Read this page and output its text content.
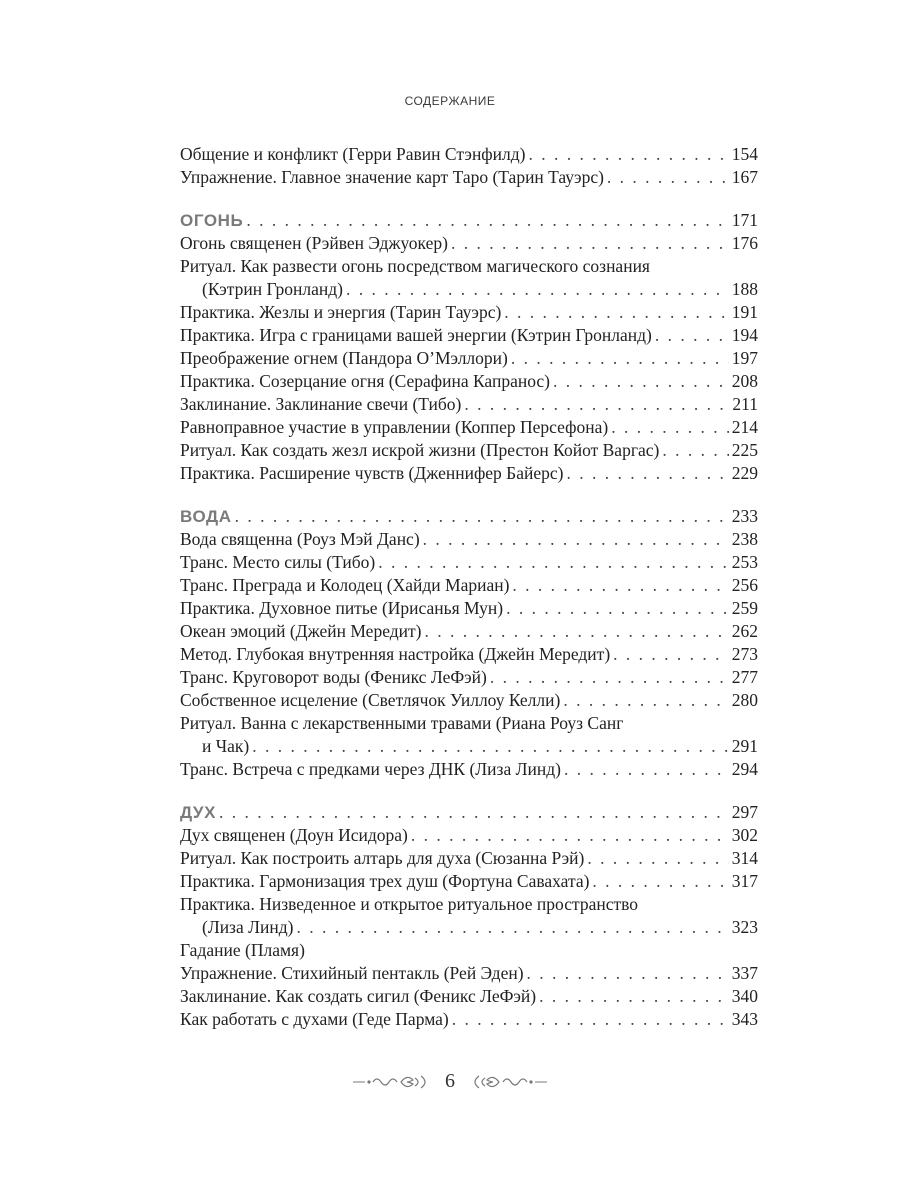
СОДЕРЖАНИЕ
Общение и конфликт (Герри Равин Стэнфилд) . . .	154
Упражнение. Главное значение карт Таро (Тарин Тауэрс) . . .	167
ОГОНЬ . . .	171
Огонь священен (Рэйвен Эджуокер) . . .	176
Ритуал. Как развести огонь посредством магического сознания
(Кэтрин Гронланд) . . .	188
Практика. Жезлы и энергия (Тарин Тауэрс) . . .	191
Практика. Игра с границами вашей энергии (Кэтрин Гронланд) . . .	194
Преображение огнем (Пандора О’Мэллори) . . .	197
Практика. Созерцание огня (Серафина Капранос) . . .	208
Заклинание. Заклинание свечи (Тибо) . . .	211
Равноправное участие в управлении (Коппер Персефона) . . .	214
Ритуал. Как создать жезл искрой жизни (Престон Койот Варгас) . . .	225
Практика. Расширение чувств (Дженнифер Байерс) . . .	229
ВОДА . . .	233
Вода священна (Роуз Мэй Данс) . . .	238
Транс. Место силы (Тибо) . . .	253
Транс. Преграда и Колодец (Хайди Мариан) . . .	256
Практика. Духовное питье (Ирисанья Мун) . . .	259
Океан эмоций (Джейн Мередит) . . .	262
Метод. Глубокая внутренняя настройка (Джейн Мередит) . . .	273
Транс. Круговорот воды (Феникс ЛеФэй) . . .	277
Собственное исцеление (Светлячок Уиллоу Келли) . . .	280
Ритуал. Ванна с лекарственными травами (Риана Роуз Санг
и Чак) . . .	291
Транс. Встреча с предками через ДНК (Лиза Линд) . . .	294
ДУХ . . .	297
Дух священен (Доун Исидора) . . .	302
Ритуал. Как построить алтарь для духа (Сюзанна Рэй) . . .	314
Практика. Гармонизация трех душ (Фортуна Савахата) . . .	317
Практика. Низведенное и открытое ритуальное пространство
(Лиза Линд) . . .	323
Гадание (Пламя)
Упражнение. Стихийный пентакль (Рей Эден) . . .	337
Заклинание. Как создать сигил (Феникс ЛеФэй) . . .	340
Как работать с духами (Геде Парма) . . .	343
6
